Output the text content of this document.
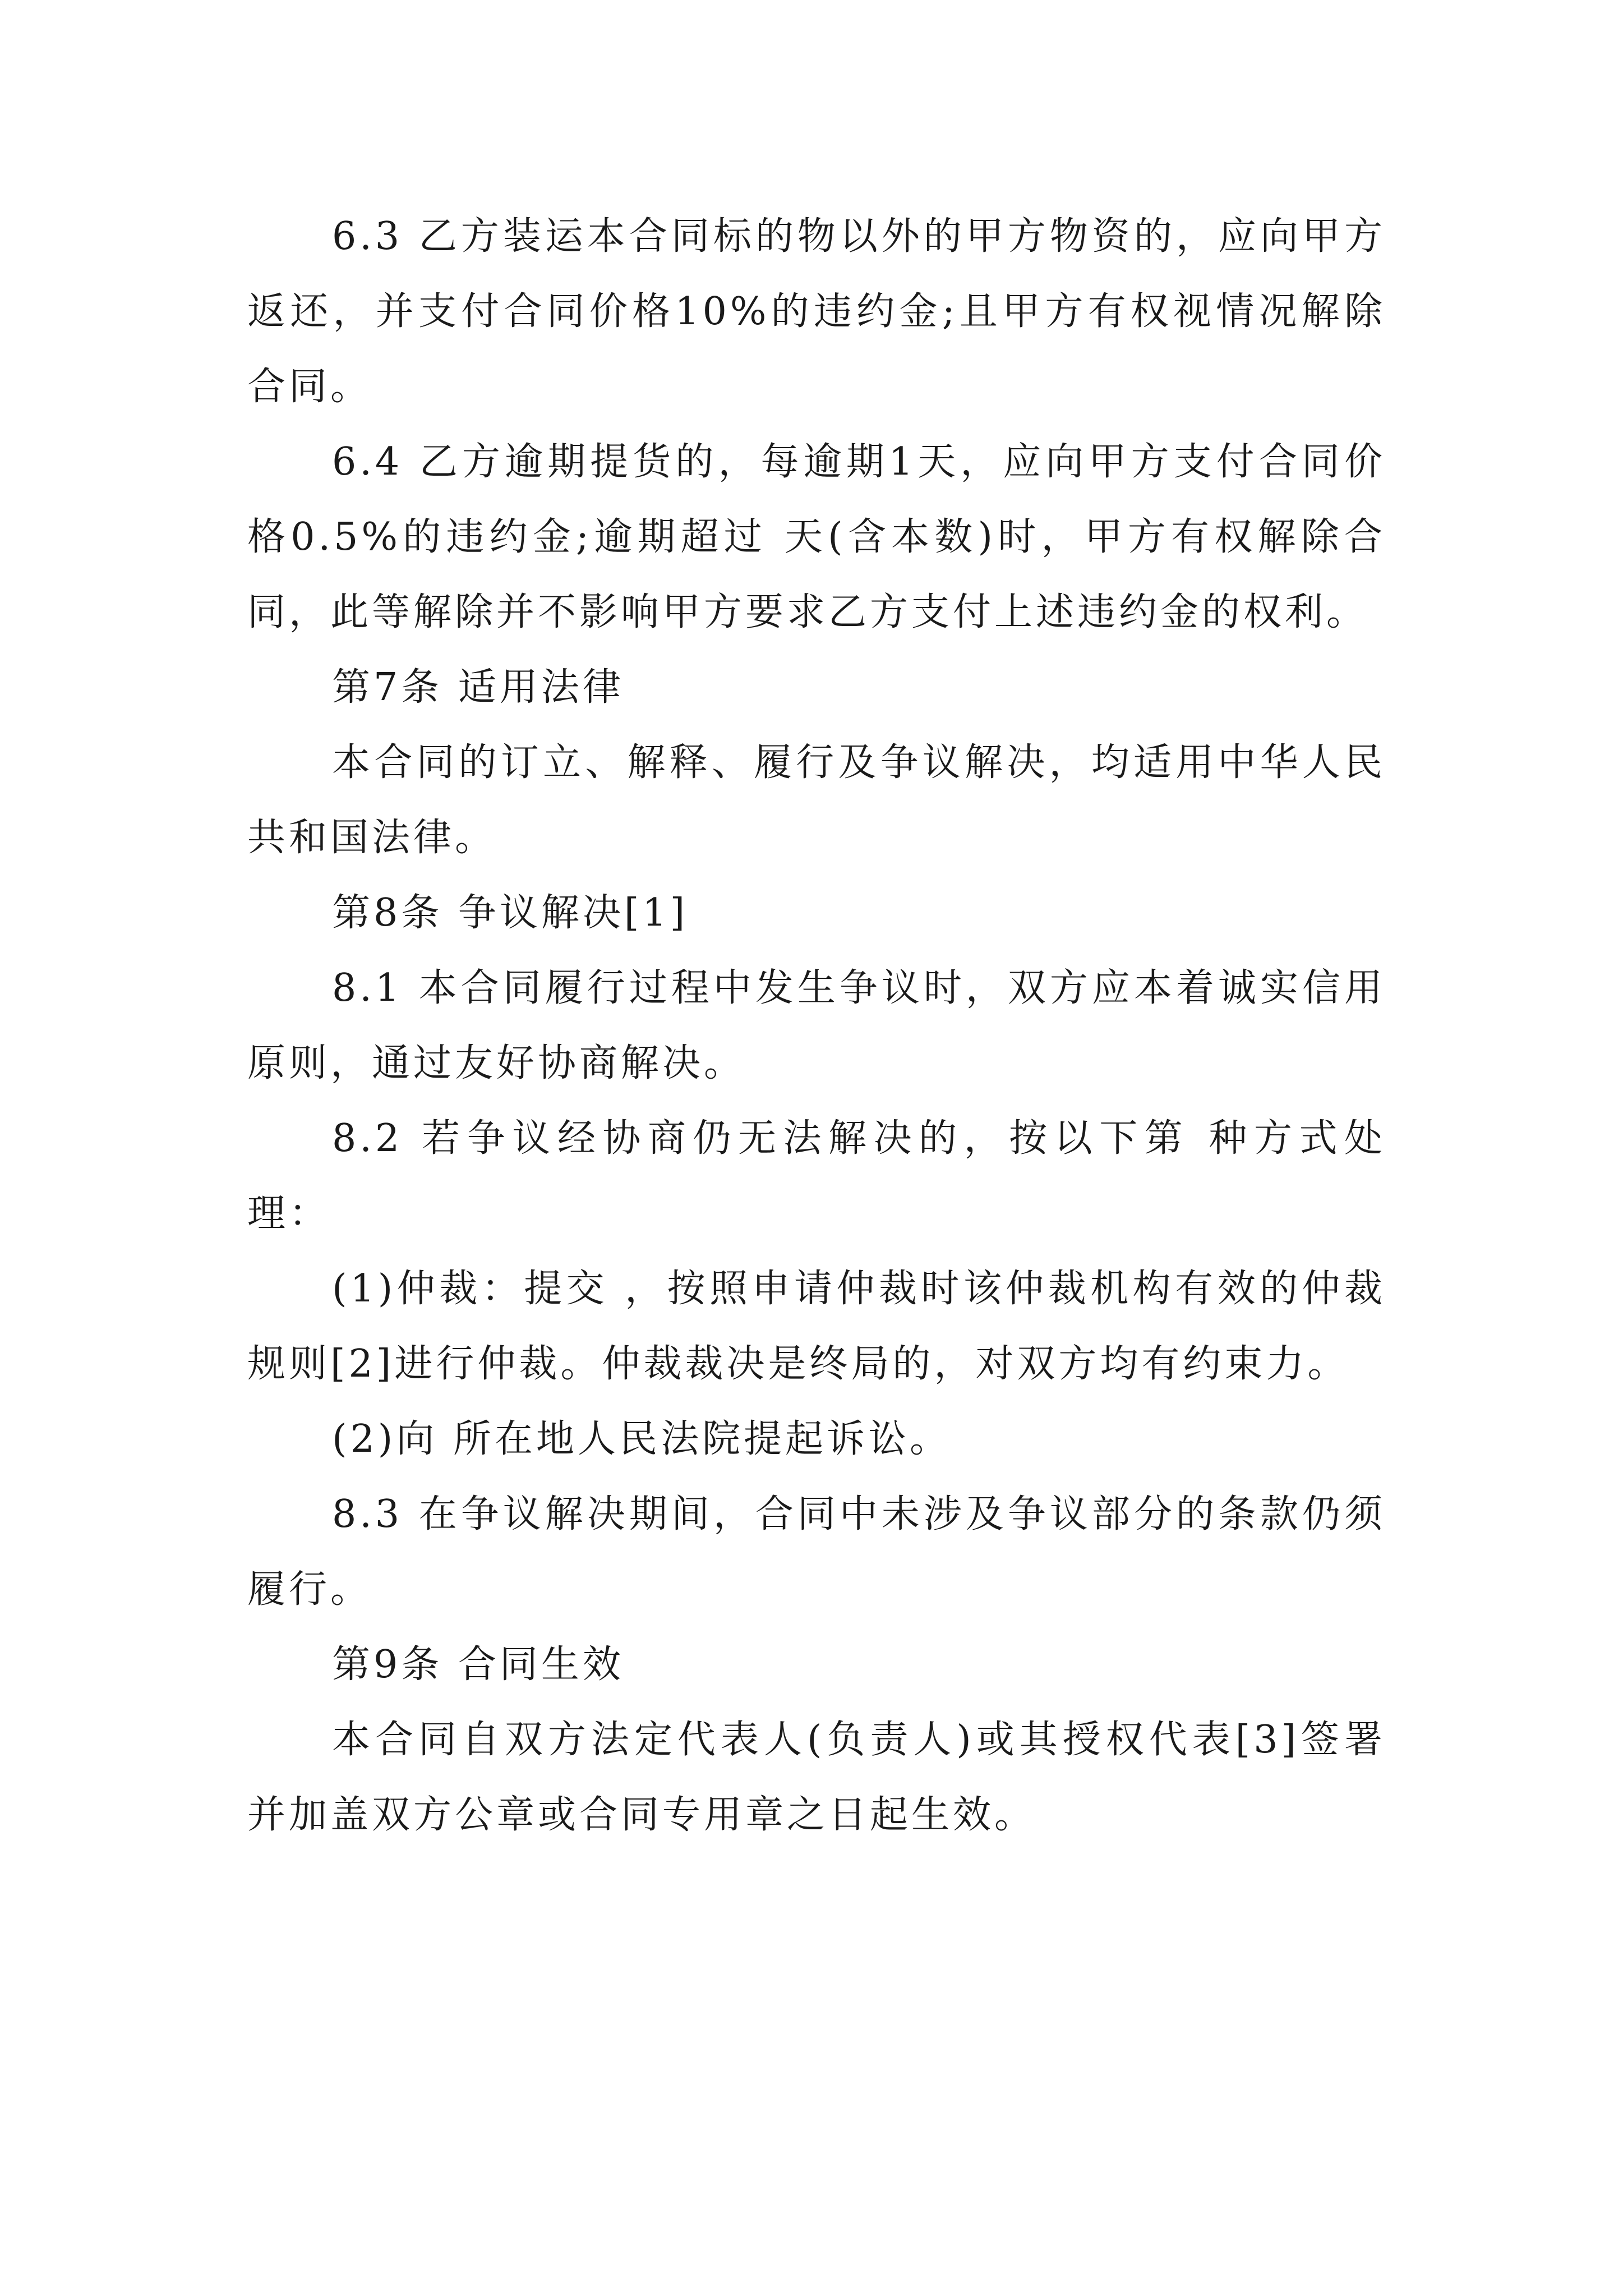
6.3 乙方装运本合同标的物以外的甲方物资的，应向甲方返还，并支付合同价格10%的违约金;且甲方有权视情况解除合同。

6.4 乙方逾期提货的，每逾期1天，应向甲方支付合同价格0.5%的违约金;逾期超过 天(含本数)时，甲方有权解除合同，此等解除并不影响甲方要求乙方支付上述违约金的权利。

第7条 适用法律

本合同的订立、解释、履行及争议解决，均适用中华人民共和国法律。

第8条 争议解决[1]

8.1 本合同履行过程中发生争议时，双方应本着诚实信用原则，通过友好协商解决。

8.2 若争议经协商仍无法解决的，按以下第 种方式处理：

(1)仲裁：提交 ，按照申请仲裁时该仲裁机构有效的仲裁规则[2]进行仲裁。仲裁裁决是终局的，对双方均有约束力。

(2)向 所在地人民法院提起诉讼。

8.3 在争议解决期间，合同中未涉及争议部分的条款仍须履行。

第9条 合同生效

本合同自双方法定代表人(负责人)或其授权代表[3]签署并加盖双方公章或合同专用章之日起生效。
